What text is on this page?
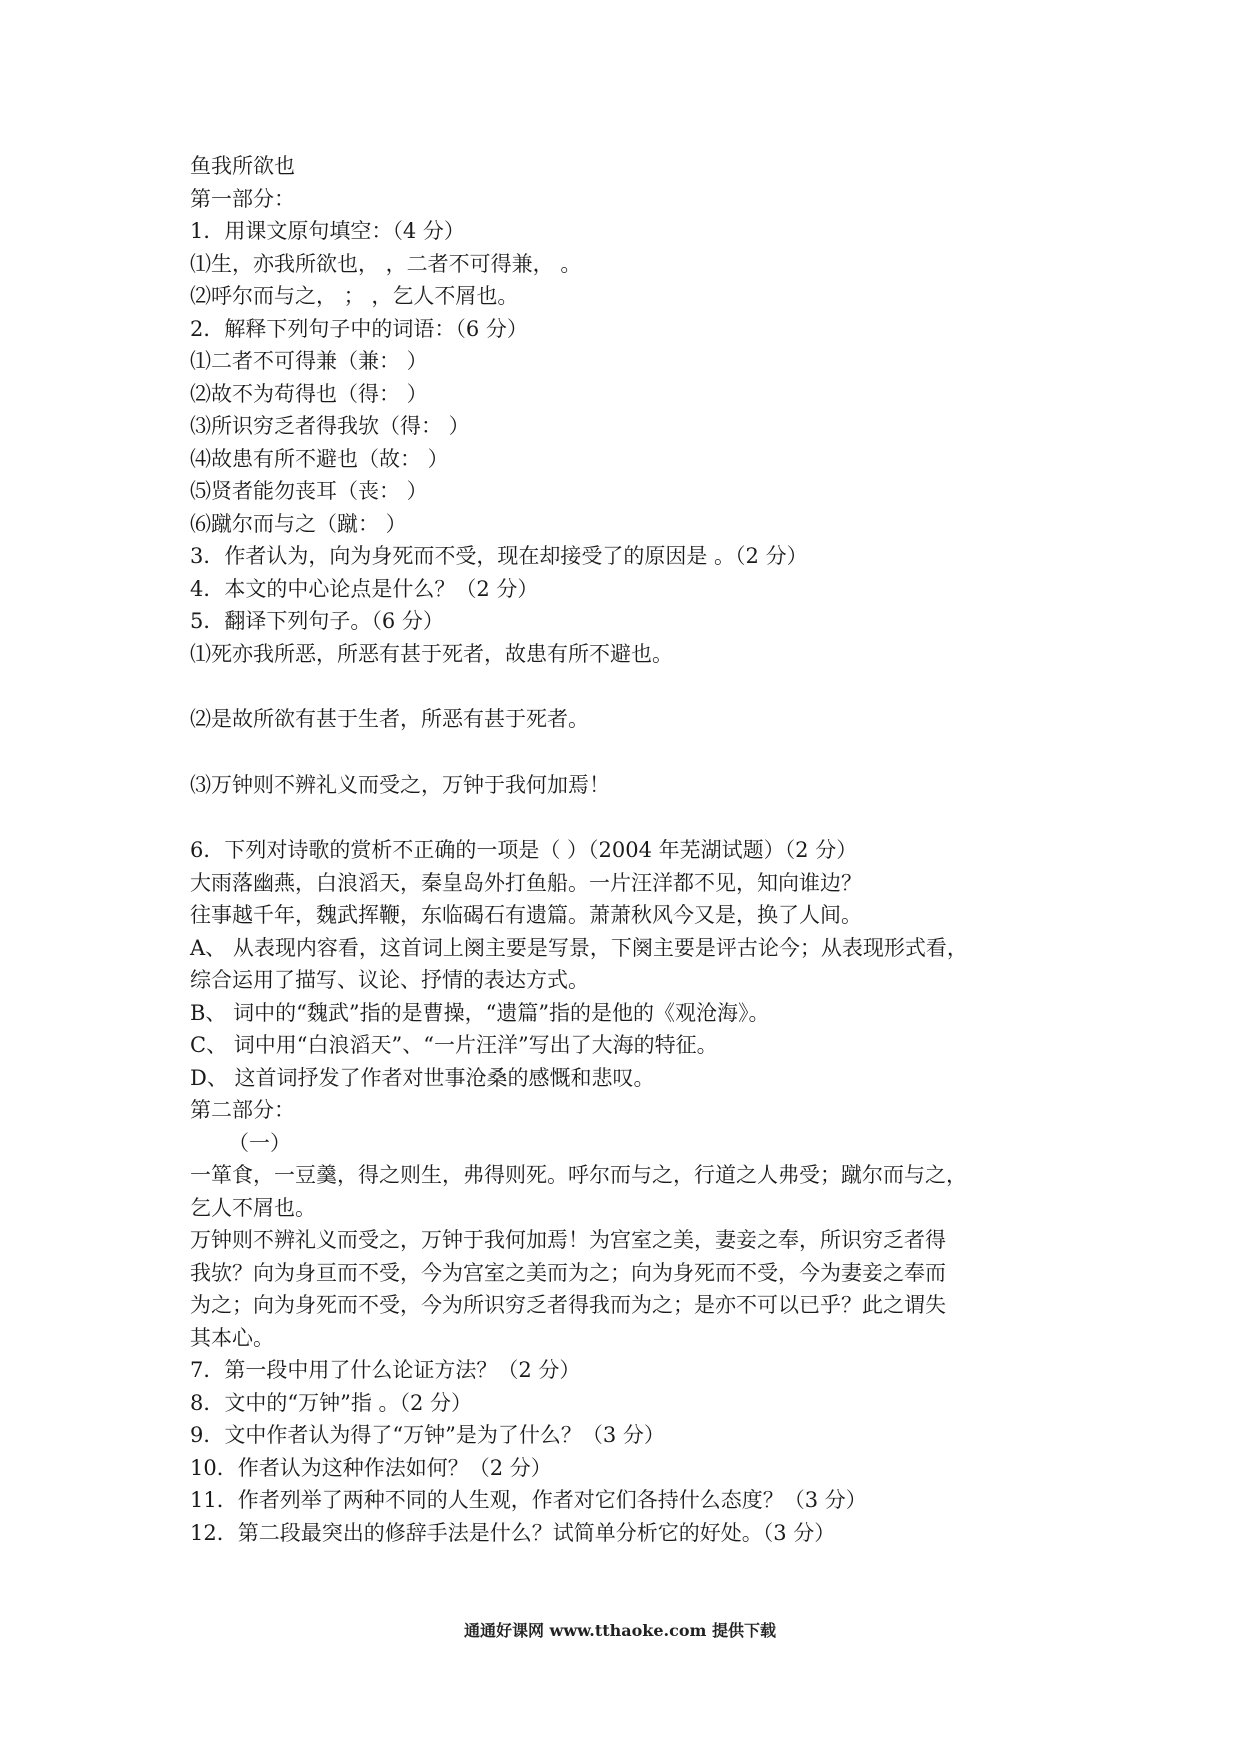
鱼我所欲也
第一部分：
1．用课文原句填空：（4 分）
⑴生，亦我所欲也， ，二者不可得兼， 。
⑵呼尔而与之， ； ，乞人不屑也。
2．解释下列句子中的词语：（6 分）
⑴二者不可得兼（兼： ）
⑵故不为苟得也（得： ）
⑶所识穷乏者得我欤（得： ）
⑷故患有所不避也（故： ）
⑸贤者能勿丧耳（丧： ）
⑹蹴尔而与之（蹴： ）
3．作者认为，向为身死而不受，现在却接受了的原因是 。（2 分）
4．本文的中心论点是什么？（2 分）
5．翻译下列句子。（6 分）
⑴死亦我所恶，所恶有甚于死者，故患有所不避也。
⑵是故所欲有甚于生者，所恶有甚于死者。
⑶万钟则不辨礼义而受之，万钟于我何加焉！
6．下列对诗歌的赏析不正确的一项是（ ）（2004 年芜湖试题）（2 分）
大雨落幽燕，白浪滔天，秦皇岛外打鱼船。一片汪洋都不见，知向谁边？
往事越千年，魏武挥鞭，东临碣石有遗篇。萧萧秋风今又是，换了人间。
A、 从表现内容看，这首词上阕主要是写景，下阕主要是评古论今；从表现形式看，
综合运用了描写、议论、抒情的表达方式。
B、 词中的“魏武”指的是曹操，“遗篇”指的是他的《观沧海》。
C、 词中用“白浪滔天”、“一片汪洋”写出了大海的特征。
D、 这首词抒发了作者对世事沧桑的感慨和悲叹。
第二部分：
（一）
一箪食，一豆羹，得之则生，弗得则死。呼尔而与之，行道之人弗受；蹴尔而与之，
乞人不屑也。
万钟则不辨礼义而受之，万钟于我何加焉！为宫室之美，妻妾之奉，所识穷乏者得
我欤？向为身亘而不受，今为宫室之美而为之；向为身死而不受，今为妻妾之奉而
为之；向为身死而不受，今为所识穷乏者得我而为之；是亦不可以已乎？此之谓失
其本心。
7．第一段中用了什么论证方法？（2 分）
8．文中的“万钟”指 。（2 分）
9．文中作者认为得了“万钟”是为了什么？（3 分）
10．作者认为这种作法如何？（2 分）
11．作者列举了两种不同的人生观，作者对它们各持什么态度？（3 分）
12．第二段最突出的修辞手法是什么？试简单分析它的好处。（3 分）
通通好课网 www.tthaoke.com 提供下载
